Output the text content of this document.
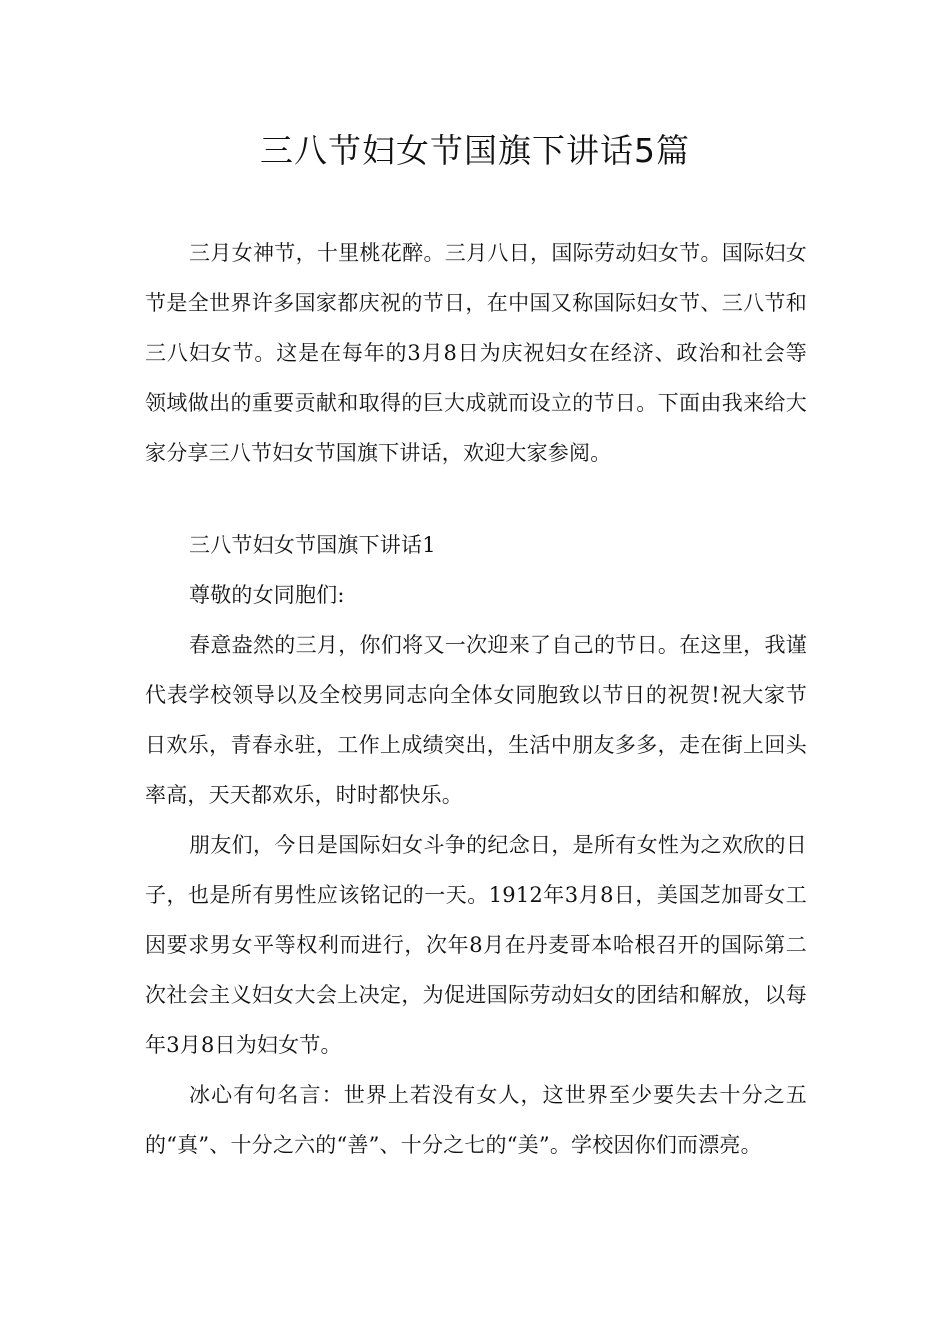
三八节妇女节国旗下讲话5篇

三月女神节，十里桃花醉。三月八日，国际劳动妇女节。国际妇女节是全世界许多国家都庆祝的节日，在中国又称国际妇女节、三八节和三八妇女节。这是在每年的3月8日为庆祝妇女在经济、政治和社会等领域做出的重要贡献和取得的巨大成就而设立的节日。下面由我来给大家分享三八节妇女节国旗下讲话，欢迎大家参阅。

三八节妇女节国旗下讲话1

尊敬的女同胞们:

春意盎然的三月，你们将又一次迎来了自己的节日。在这里，我谨代表学校领导以及全校男同志向全体女同胞致以节日的祝贺!祝大家节日欢乐，青春永驻，工作上成绩突出，生活中朋友多多，走在街上回头率高，天天都欢乐，时时都快乐。

朋友们，今日是国际妇女斗争的纪念日，是所有女性为之欢欣的日子，也是所有男性应该铭记的一天。1912年3月8日，美国芝加哥女工因要求男女平等权利而进行，次年8月在丹麦哥本哈根召开的国际第二次社会主义妇女大会上决定，为促进国际劳动妇女的团结和解放，以每年3月8日为妇女节。

冰心有句名言：世界上若没有女人，这世界至少要失去十分之五的“真”、十分之六的“善”、十分之七的“美”。学校因你们而漂亮。
